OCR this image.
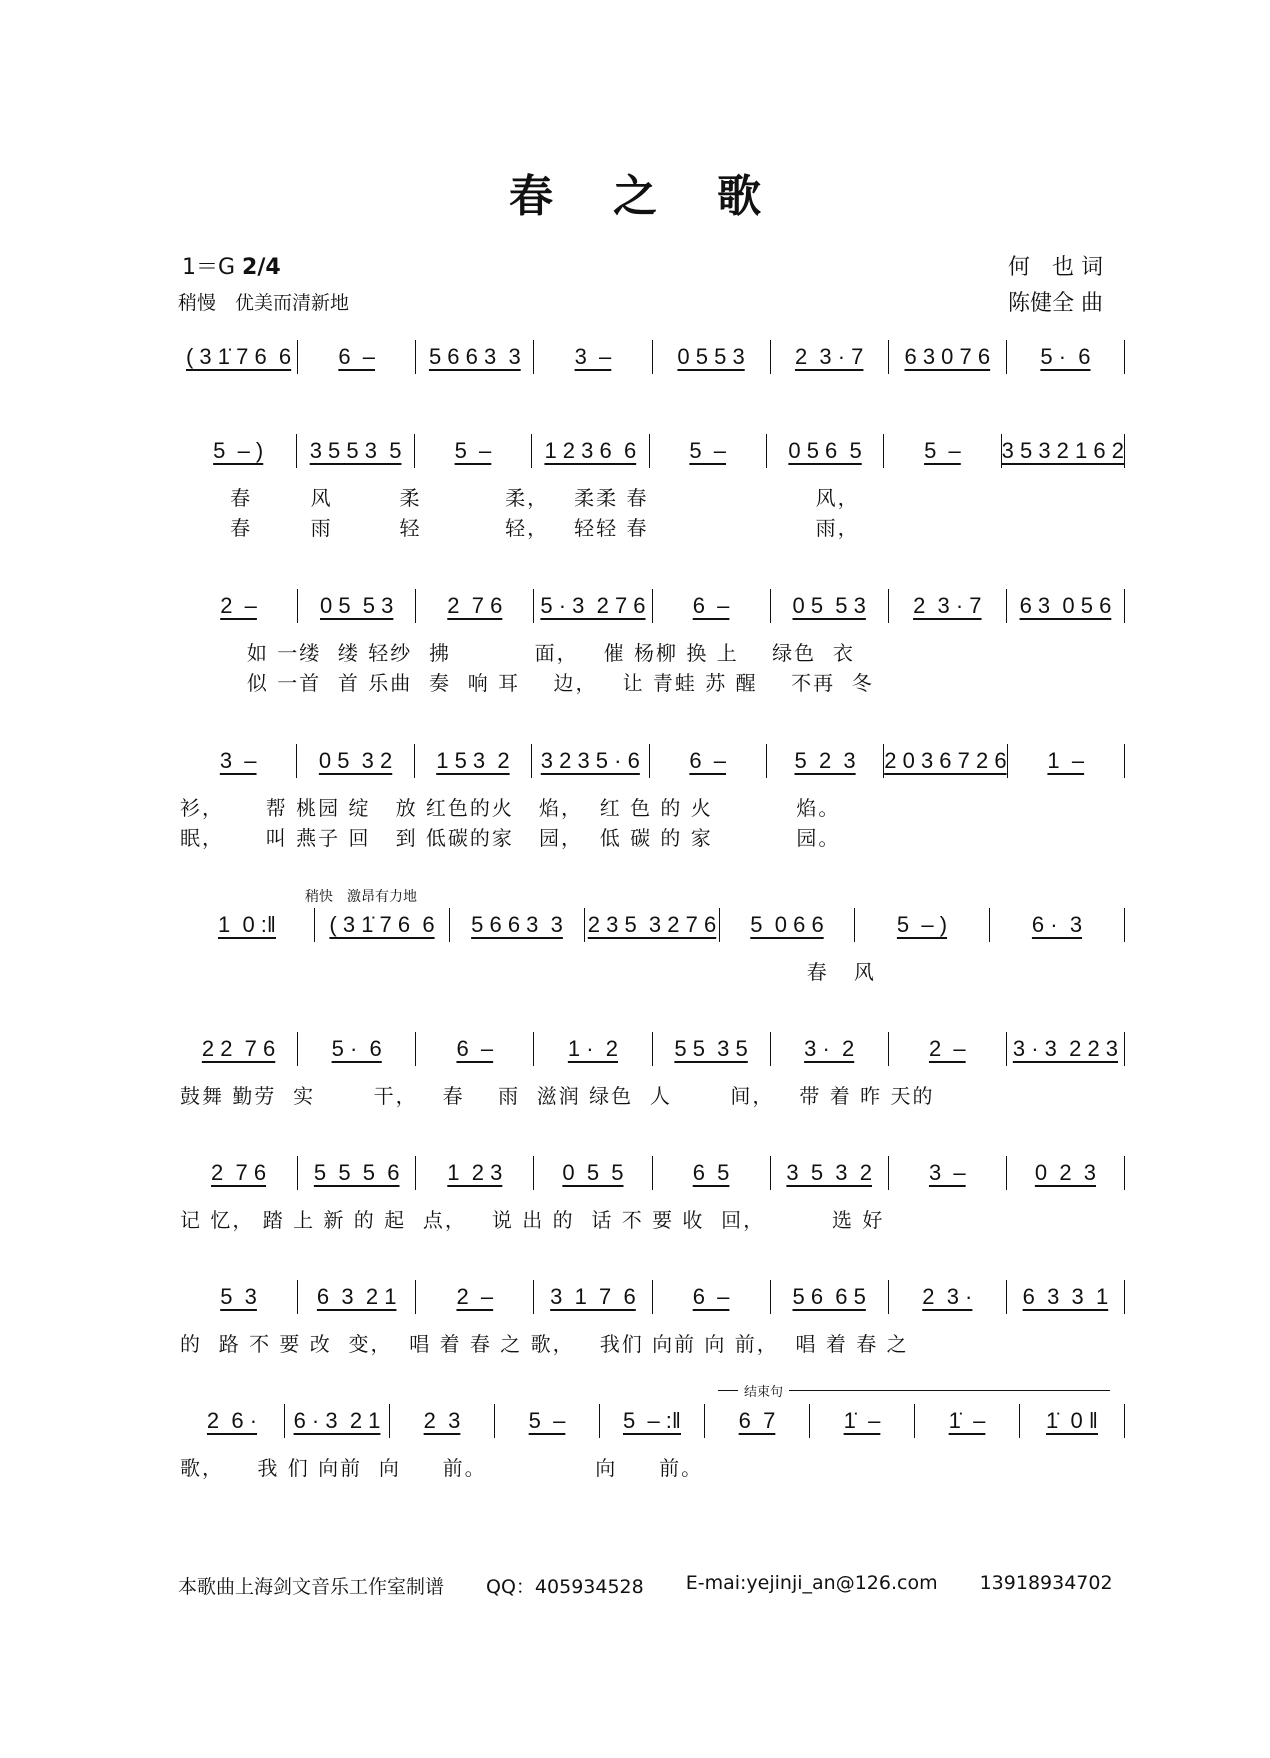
春之歌
1＝G 2/4
稍慢　优美而清新地
何　也 词
陈健全 曲
稍快　激昂有力地
结束句
( 3 1̇ 7 6  6	6  –	5 6 6 3  3	3  –	0 5 5 3	2  3 · 7	6 3 0 7 6	5 ·  6
5  – )	3 5 5 3  5	5  –	1 2 3 6  6	5  –	0 5 6  5	5  –	3 5 3 2 1 6 2
春       风        柔          柔，   柔柔 春                    风，
春       雨        轻          轻，   轻轻 春                    雨，
2  –	0 5  5 3	2  7 6	5 · 3  2 7 6	6  –	0 5  5 3	2  3 · 7	6 3  0 5 6
如 一缕  缕 轻纱  拂          面，   催 杨柳 换 上    绿色  衣
似 一首  首 乐曲  奏  响 耳    边，   让 青蛙 苏 醒    不再  冬
3  –	0 5  3 2	1 5 3  2	3 2 3 5 · 6	6  –	5  2  3	2 0 3 6 7 2 6	1  –
衫，     帮 桃园 绽   放 红色的火   焰，  红 色 的 火          焰。
眠，     叫 燕子 回   到 低碳的家   园，  低 碳 的 家          园。
1  0 :‖	( 3 1̇ 7 6  6	5 6 6 3  3	2 3 5  3 2 7 6	5  0 6 6	5  – )	6 ·  3
春   风
2 2  7 6	5 ·  6	6  –	1 ·  2	5 5  3 5	3 ·  2	2  –	3 · 3  2 2 3
鼓舞 勤劳  实       干，   春    雨  滋润 绿色  人       间，   带 着 昨 天的
2  7 6	5  5  5  6	1  2 3	0  5  5	6  5	3  5  3  2	3  –	0  2  3
记 忆， 踏 上 新 的 起  点，   说 出 的  话 不 要 收  回，        选 好
5  3	6  3  2 1	2  –	3  1  7  6	6  –	5 6  6 5	2  3 ·	6  3  3  1
的  路 不 要 改  变，  唱 着 春 之 歌，   我们 向前 向 前，  唱 着 春 之
2  6 ·	6 · 3  2 1	2  3	5  –	5  – :‖	6  7	1̇  –	1̇  –	1̇  0 ‖
歌，    我 们 向前  向     前。             向     前。
本歌曲上海剑文音乐工作室制谱 QQ：405934528 E-mai:yejinji_an@126.com 13918934702
